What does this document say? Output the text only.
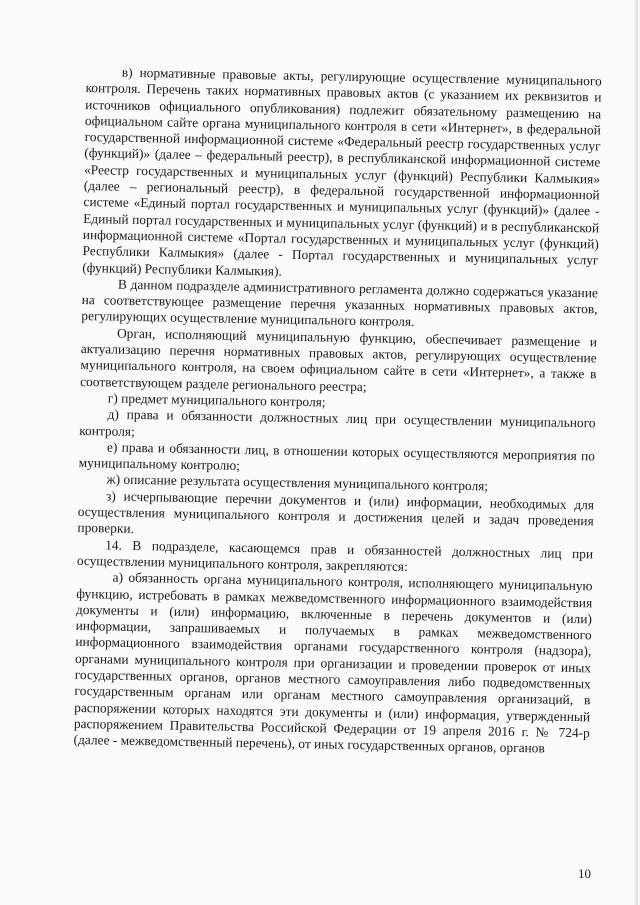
в) нормативные правовые акты, регулирующие осуществление муниципального контроля. Перечень таких нормативных правовых актов (с указанием их реквизитов и источников официального опубликования) подлежит обязательному размещению на официальном сайте органа муниципального контроля в сети «Интернет», в федеральной государственной информационной системе «Федеральный реестр государственных услуг (функций)» (далее – федеральный реестр), в республиканской информационной системе «Реестр государственных и муниципальных услуг (функций) Республики Калмыкия» (далее – региональный реестр), в федеральной государственной информационной системе «Единый портал государственных и муниципальных услуг (функций)» (далее - Единый портал государственных и муниципальных услуг (функций) и в республиканской информационной системе «Портал государственных и муниципальных услуг (функций) Республики Калмыкия» (далее - Портал государственных и муниципальных услуг (функций) Республики Калмыкия).

В данном подразделе административного регламента должно содержаться указание на соответствующее размещение перечня указанных нормативных правовых актов, регулирующих осуществление муниципального контроля.

Орган, исполняющий муниципальную функцию, обеспечивает размещение и актуализацию перечня нормативных правовых актов, регулирующих осуществление муниципального контроля, на своем официальном сайте в сети «Интернет», а также в соответствующем разделе регионального реестра;

г) предмет муниципального контроля;

д) права и обязанности должностных лиц при осуществлении муниципального контроля;

е) права и обязанности лиц, в отношении которых осуществляются мероприятия по муниципальному контролю;

ж) описание результата осуществления муниципального контроля;

з) исчерпывающие перечни документов и (или) информации, необходимых для осуществления муниципального контроля и достижения целей и задач проведения проверки.

14. В подразделе, касающемся прав и обязанностей должностных лиц при осуществлении муниципального контроля, закрепляются:

а) обязанность органа муниципального контроля, исполняющего муниципальную функцию, истребовать в рамках межведомственного информационного взаимодействия документы и (или) информацию, включенные в перечень документов и (или) информации, запрашиваемых и получаемых в рамках межведомственного информационного взаимодействия органами государственного контроля (надзора), органами муниципального контроля при организации и проведении проверок от иных государственных органов, органов местного самоуправления либо подведомственных государственным органам или органам местного самоуправления организаций, в распоряжении которых находятся эти документы и (или) информация, утвержденный распоряжением Правительства Российской Федерации от 19 апреля 2016 г. № 724-р (далее - межведомственный перечень), от иных государственных органов, органов

10
